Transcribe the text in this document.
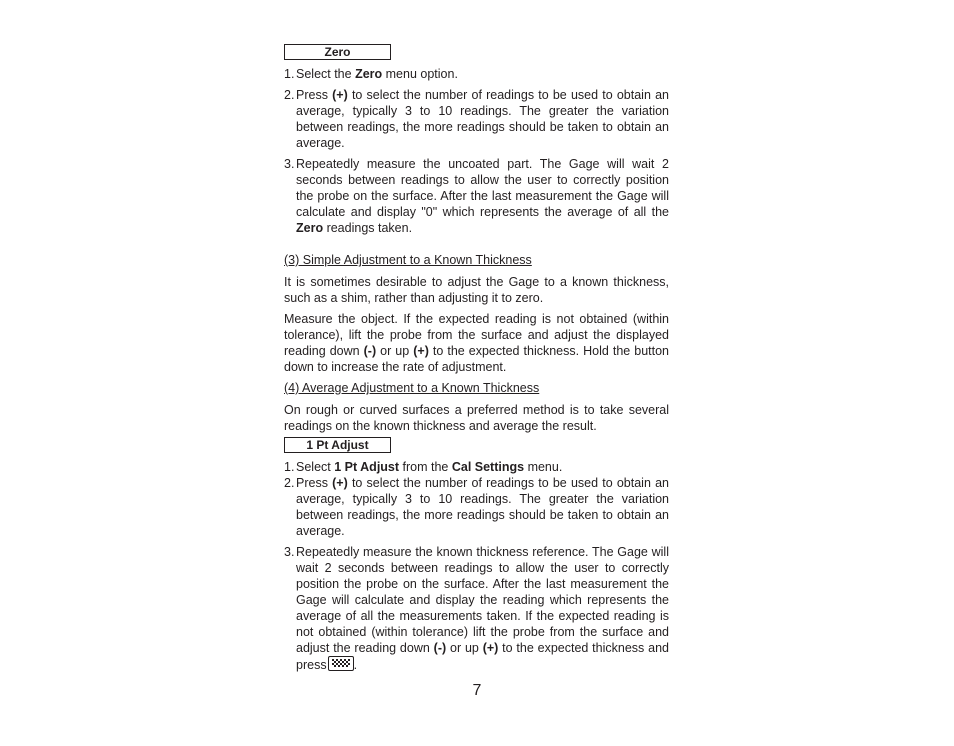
Zero
1. Select the Zero menu option.
2. Press (+) to select the number of readings to be used to obtain an average, typically 3 to 10 readings. The greater the variation between readings, the more readings should be taken to obtain an average.
3. Repeatedly measure the uncoated part. The Gage will wait 2 seconds between readings to allow the user to correctly position the probe on the surface. After the last measurement the Gage will calculate and display "0" which represents the average of all the Zero readings taken.
(3) Simple Adjustment to a Known Thickness
It is sometimes desirable to adjust the Gage to a known thickness, such as a shim, rather than adjusting it to zero.
Measure the object. If the expected reading is not obtained (within tolerance), lift the probe from the surface and adjust the displayed reading down (-) or up (+) to the expected thickness. Hold the button down to increase the rate of adjustment.
(4) Average Adjustment to a Known Thickness
On rough or curved surfaces a preferred method is to take several readings on the known thickness and average the result.
1 Pt Adjust
1. Select 1 Pt Adjust from the Cal Settings menu.
2. Press (+) to select the number of readings to be used to obtain an average, typically 3 to 10 readings. The greater the variation between readings, the more readings should be taken to obtain an average.
3. Repeatedly measure the known thickness reference. The Gage will wait 2 seconds between readings to allow the user to correctly position the probe on the surface. After the last measurement the Gage will calculate and display the reading which represents the average of all the measurements taken. If the expected reading is not obtained (within tolerance) lift the probe from the surface and adjust the reading down (-) or up (+) to the expected thickness and press .
7
